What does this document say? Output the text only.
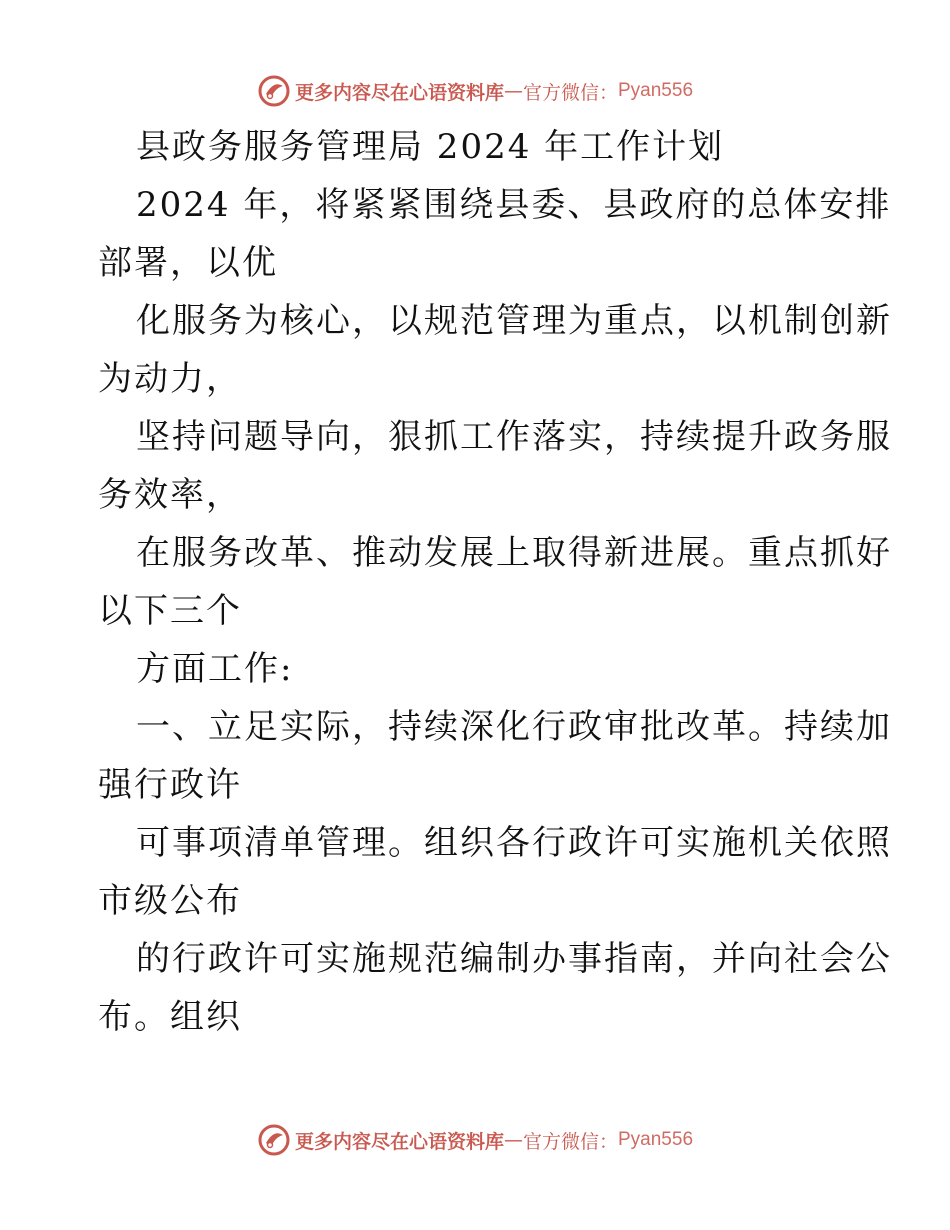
更多内容尽在心语资料库 — 官方微信： Pyan556
县政务服务管理局 2024 年工作计划
2024 年，将紧紧围绕县委、县政府的总体安排
部署，以优
化服务为核心，以规范管理为重点，以机制创新
为动力，
坚持问题导向，狠抓工作落实，持续提升政务服
务效率，
在服务改革、推动发展上取得新进展。重点抓好
以下三个
方面工作:
一、立足实际，持续深化行政审批改革。持续加
强行政许
可事项清单管理。组织各行政许可实施机关依照
市级公布
的行政许可实施规范编制办事指南，并向社会公
布。组织
更多内容尽在心语资料库 — 官方微信： Pyan556
